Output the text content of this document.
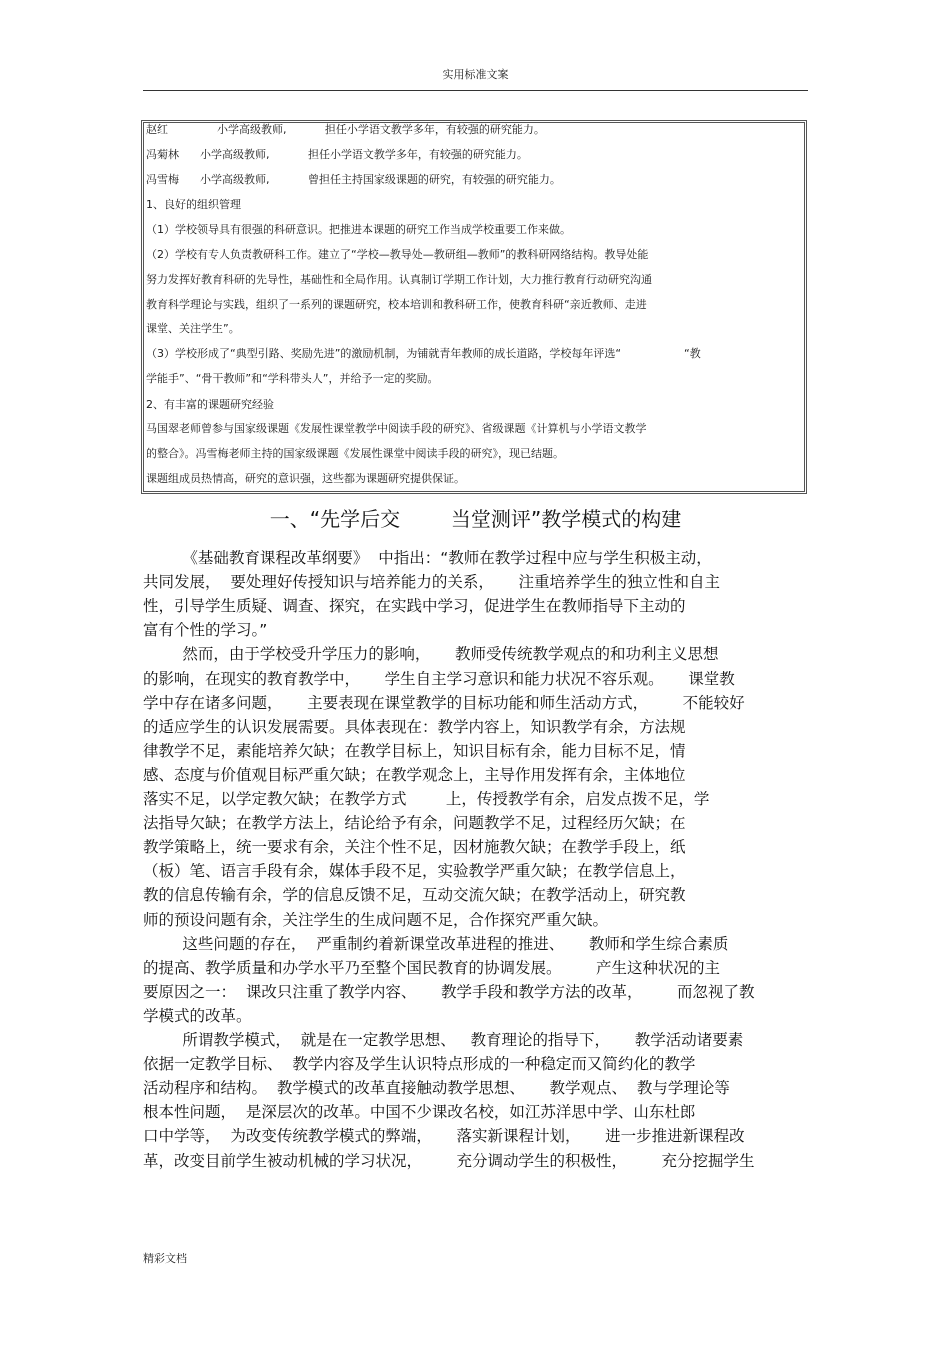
实用标准文案
赵红              小学高级教师,           担任小学语文教学多年，有较强的研究能力。
冯菊林      小学高级教师,           担任小学语文教学多年，有较强的研究能力。
冯雪梅      小学高级教师,           曾担任主持国家级课题的研究，有较强的研究能力。
1、良好的组织管理
（1）学校领导具有很强的科研意识。把推进本课题的研究工作当成学校重要工作来做。
（2）学校有专人负责教研科工作。建立了“学校—教导处—教研组—教师”的教科研网络结构。教导处能
努力发挥好教育科研的先导性，基础性和全局作用。认真制订学期工作计划，大力推行教育行动研究沟通
教育科学理论与实践，组织了一系列的课题研究，校本培训和教科研工作，使教育科研“亲近教师、走进
课堂、关注学生”。
（3）学校形成了“典型引路、奖励先进”的激励机制，为铺就青年教师的成长道路，学校每年评选“                  “教
学能手”、“骨干教师”和“学科带头人”，并给予一定的奖励。
2、有丰富的课题研究经验
马国翠老师曾参与国家级课题《发展性课堂教学中阅读手段的研究》、省级课题《计算机与小学语文教学
的整合》。冯雪梅老师主持的国家级课题《发展性课堂中阅读手段的研究》，现已结题。
课题组成员热情高，研究的意识强，这些都为课题研究提供保证。
一、“先学后交        当堂测评”教学模式的构建
《基础教育课程改革纲要》  中指出：“教师在教学过程中应与学生积极主动，
共同发展，  要处理好传授知识与培养能力的关系，     注重培养学生的独立性和自主
性，引导学生质疑、调查、探究，在实践中学习，促进学生在教师指导下主动的
富有个性的学习。”
然而，由于学校受升学压力的影响，     教师受传统教学观点的和功利主义思想
的影响，在现实的教育教学中，     学生自主学习意识和能力状况不容乐观。     课堂教
学中存在诸多问题，     主要表现在课堂教学的目标功能和师生活动方式，       不能较好
的适应学生的认识发展需要。具体表现在：教学内容上，知识教学有余，方法规
律教学不足，素能培养欠缺；在教学目标上，知识目标有余，能力目标不足，情
感、态度与价值观目标严重欠缺；在教学观念上，主导作用发挥有余，主体地位
落实不足，以学定教欠缺；在教学方式        上，传授教学有余，启发点拨不足，学
法指导欠缺；在教学方法上，结论给予有余，问题教学不足，过程经历欠缺；在
教学策略上，统一要求有余，关注个性不足，因材施教欠缺；在教学手段上，纸
（板）笔、语言手段有余，媒体手段不足，实验教学严重欠缺；在教学信息上，
教的信息传输有余，学的信息反馈不足，互动交流欠缺；在教学活动上，研究教
师的预设问题有余，关注学生的生成问题不足，合作探究严重欠缺。
这些问题的存在，  严重制约着新课堂改革进程的推进、     教师和学生综合素质
的提高、教学质量和办学水平乃至整个国民教育的协调发展。       产生这种状况的主
要原因之一：  课改只注重了教学内容、     教学手段和教学方法的改革，       而忽视了教
学模式的改革。
所谓教学模式，  就是在一定教学思想、   教育理论的指导下，     教学活动诸要素
依据一定教学目标、  教学内容及学生认识特点形成的一种稳定而又简约化的教学
活动程序和结构。  教学模式的改革直接触动教学思想、     教学观点、  教与学理论等
根本性问题，  是深层次的改革。中国不少课改名校，如江苏洋思中学、山东杜郎
口中学等，  为改变传统教学模式的弊端，     落实新课程计划，     进一步推进新课程改
革，改变目前学生被动机械的学习状况，       充分调动学生的积极性，       充分挖掘学生
精彩文档
